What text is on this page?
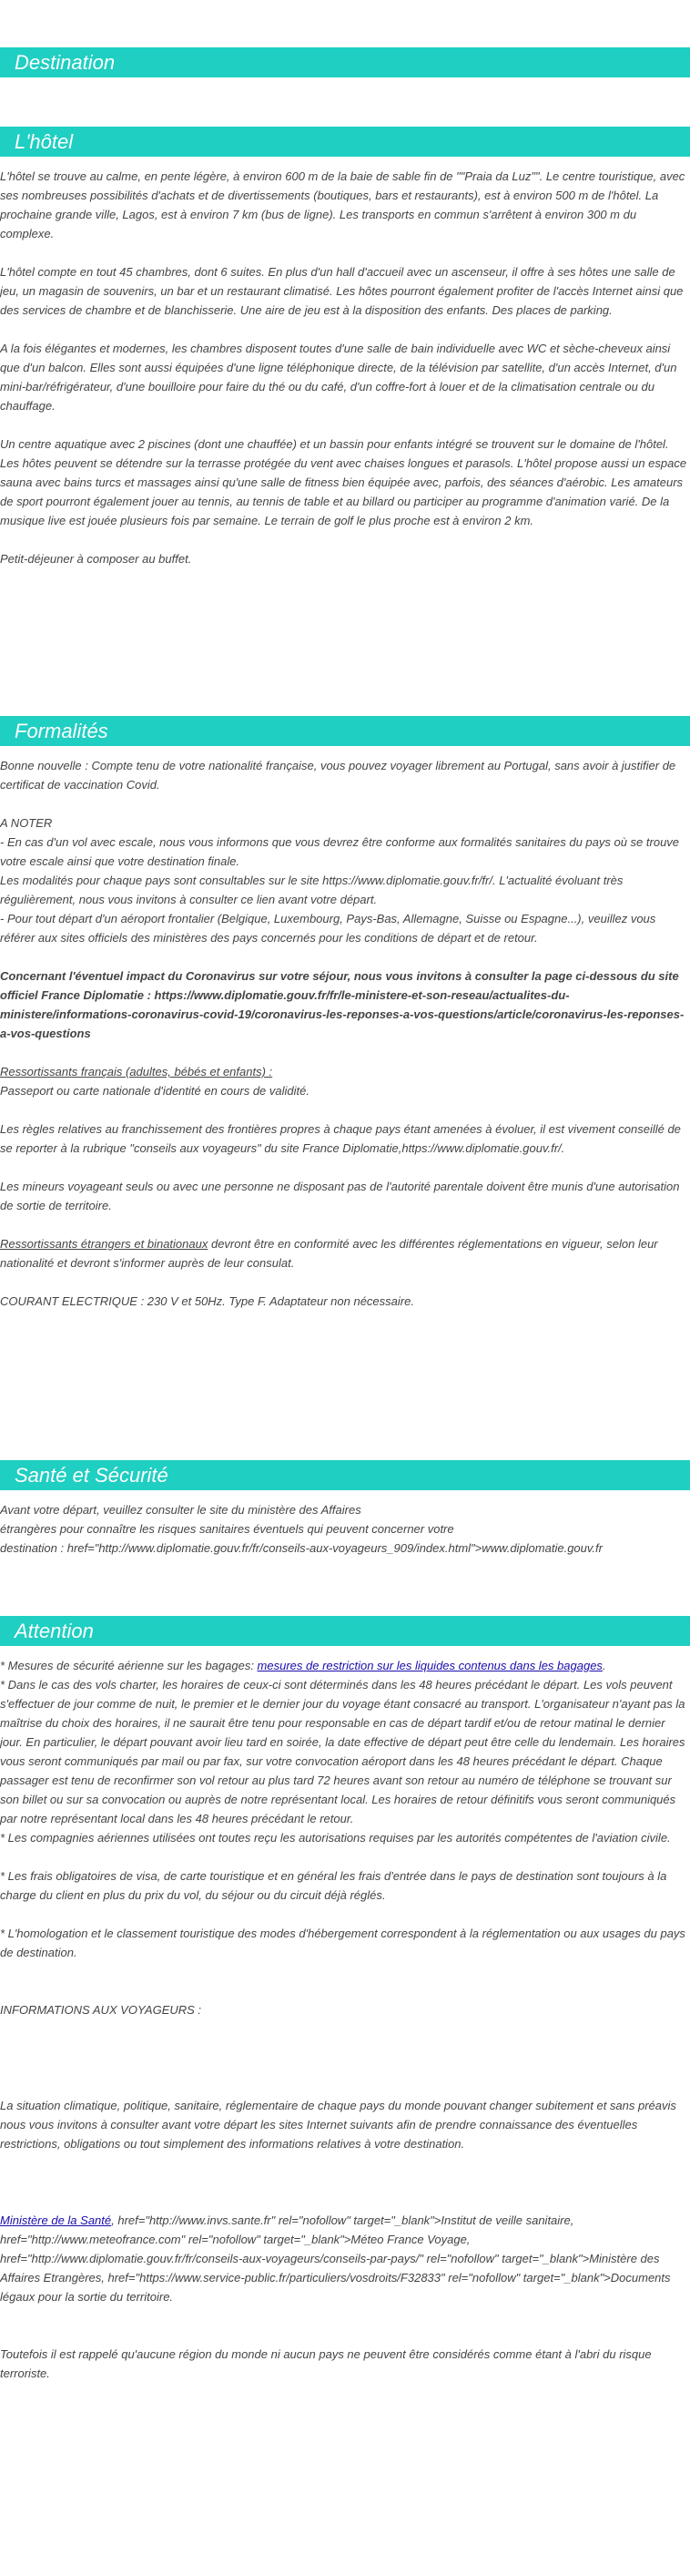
Destination
L'hôtel

L'hôtel se trouve au calme, en pente légère, à environ 600 m de la baie de sable fin de ""Praia da Luz"". Le centre touristique, avec ses nombreuses possibilités d'achats et de divertissements (boutiques, bars et restaurants), est à environ 500 m de l'hôtel. La prochaine grande ville, Lagos, est à environ 7 km (bus de ligne). Les transports en commun s'arrêtent à environ 300 m du complexe.

L'hôtel compte en tout 45 chambres, dont 6 suites. En plus d'un hall d'accueil avec un ascenseur, il offre à ses hôtes une salle de jeu, un magasin de souvenirs, un bar et un restaurant climatisé. Les hôtes pourront également profiter de l'accès Internet ainsi que des services de chambre et de blanchisserie. Une aire de jeu est à la disposition des enfants. Des places de parking.

A la fois élégantes et modernes, les chambres disposent toutes d'une salle de bain individuelle avec WC et sèche-cheveux ainsi que d'un balcon. Elles sont aussi équipées d'une ligne téléphonique directe, de la télévision par satellite, d'un accès Internet, d'un mini-bar/réfrigérateur, d'une bouilloire pour faire du thé ou du café, d'un coffre-fort à louer et de la climatisation centrale ou du chauffage.

Un centre aquatique avec 2 piscines (dont une chauffée) et un bassin pour enfants intégré se trouvent sur le domaine de l'hôtel. Les hôtes peuvent se détendre sur la terrasse protégée du vent avec chaises longues et parasols. L'hôtel propose aussi un espace sauna avec bains turcs et massages ainsi qu'une salle de fitness bien équipée avec, parfois, des séances d'aérobic. Les amateurs de sport pourront également jouer au tennis, au tennis de table et au billard ou participer au programme d'animation varié. De la musique live est jouée plusieurs fois par semaine. Le terrain de golf le plus proche est à environ 2 km.

Petit-déjeuner à composer au buffet.

Formalités

Bonne nouvelle : Compte tenu de votre nationalité française, vous pouvez voyager librement au Portugal, sans avoir à justifier de certificat de vaccination Covid.

A NOTER

- En cas d'un vol avec escale, nous vous informons que vous devrez être conforme aux formalités sanitaires du pays où se trouve votre escale ainsi que votre destination finale.

Les modalités pour chaque pays sont consultables sur le site https://www.diplomatie.gouv.fr/fr/. L'actualité évoluant très régulièrement, nous vous invitons à consulter ce lien avant votre départ.

- Pour tout départ d'un aéroport frontalier (Belgique, Luxembourg, Pays-Bas, Allemagne, Suisse ou Espagne...), veuillez vous référer aux sites officiels des ministères des pays concernés pour les conditions de départ et de retour.

Concernant l'éventuel impact du Coronavirus sur votre séjour, nous vous invitons à consulter la page ci-dessous du site officiel France Diplomatie : https://www.diplomatie.gouv.fr/fr/le-ministere-et-son-reseau/actualites-du-ministere/informations-coronavirus-covid-19/coronavirus-les-reponses-a-vos-questions/article/coronavirus-les-reponses-a-vos-questions

Ressortissants français (adultes, bébés et enfants) :

Passeport ou carte nationale d'identité en cours de validité.

Les règles relatives au franchissement des frontières propres à chaque pays étant amenées à évoluer, il est vivement conseillé de se reporter à la rubrique "conseils aux voyageurs" du site France Diplomatie,https://www.diplomatie.gouv.fr/.

Les mineurs voyageant seuls ou avec une personne ne disposant pas de l'autorité parentale doivent être munis d'une autorisation de sortie de territoire.

Ressortissants étrangers et binationaux devront être en conformité avec les différentes réglementations en vigueur, selon leur nationalité et devront s'informer auprès de leur consulat.

COURANT ELECTRIQUE : 230 V et 50Hz. Type F. Adaptateur non nécessaire.

Santé et Sécurité

Avant votre départ, veuillez consulter le site du ministère des Affaires

étrangères pour connaître les risques sanitaires éventuels qui peuvent concerner votre

destination : href="http://www.diplomatie.gouv.fr/fr/conseils-aux-voyageurs_909/index.html">www.diplomatie.gouv.fr

Attention

* Mesures de sécurité aérienne sur les bagages: mesures de restriction sur les liquides contenus dans les bagages.

* Dans le cas des vols charter, les horaires de ceux-ci sont déterminés dans les 48 heures précédant le départ. Les vols peuvent s'effectuer de jour comme de nuit, le premier et le dernier jour du voyage étant consacré au transport. L'organisateur n'ayant pas la maîtrise du choix des horaires, il ne saurait être tenu pour responsable en cas de départ tardif et/ou de retour matinal le dernier jour. En particulier, le départ pouvant avoir lieu tard en soirée, la date effective de départ peut être celle du lendemain. Les horaires vous seront communiqués par mail ou par fax, sur votre convocation aéroport dans les 48 heures précédant le départ. Chaque passager est tenu de reconfirmer son vol retour au plus tard 72 heures avant son retour au numéro de téléphone se trouvant sur son billet ou sur sa convocation ou auprès de notre représentant local. Les horaires de retour définitifs vous seront communiqués par notre représentant local dans les 48 heures précédant le retour.

* Les compagnies aériennes utilisées ont toutes reçu les autorisations requises par les autorités compétentes de l'aviation civile.

* Les frais obligatoires de visa, de carte touristique et en général les frais d'entrée dans le pays de destination sont toujours à la charge du client en plus du prix du vol, du séjour ou du circuit déjà réglés.

* L'homologation et le classement touristique des modes d'hébergement correspondent à la réglementation ou aux usages du pays de destination.

INFORMATIONS AUX VOYAGEURS :

La situation climatique, politique, sanitaire, réglementaire de chaque pays du monde pouvant changer subitement et sans préavis

nous vous invitons à consulter avant votre départ les sites Internet suivants afin de prendre connaissance des éventuelles restrictions, obligations ou tout simplement des informations relatives à votre destination.

Ministère de la Santé, href="http://www.invs.sante.fr" rel="nofollow" target="_blank">Institut de veille sanitaire, href="http://www.meteofrance.com" rel="nofollow" target="_blank">Méteo France Voyage, href="http://www.diplomatie.gouv.fr/fr/conseils-aux-voyageurs/conseils-par-pays/" rel="nofollow" target="_blank">Ministère des Affaires Etrangères, href="https://www.service-public.fr/particuliers/vosdroits/F32833" rel="nofollow" target="_blank">Documents légaux pour la sortie du territoire.

Toutefois il est rappelé qu'aucune région du monde ni aucun pays ne peuvent être considérés comme étant à l'abri du risque terroriste.
